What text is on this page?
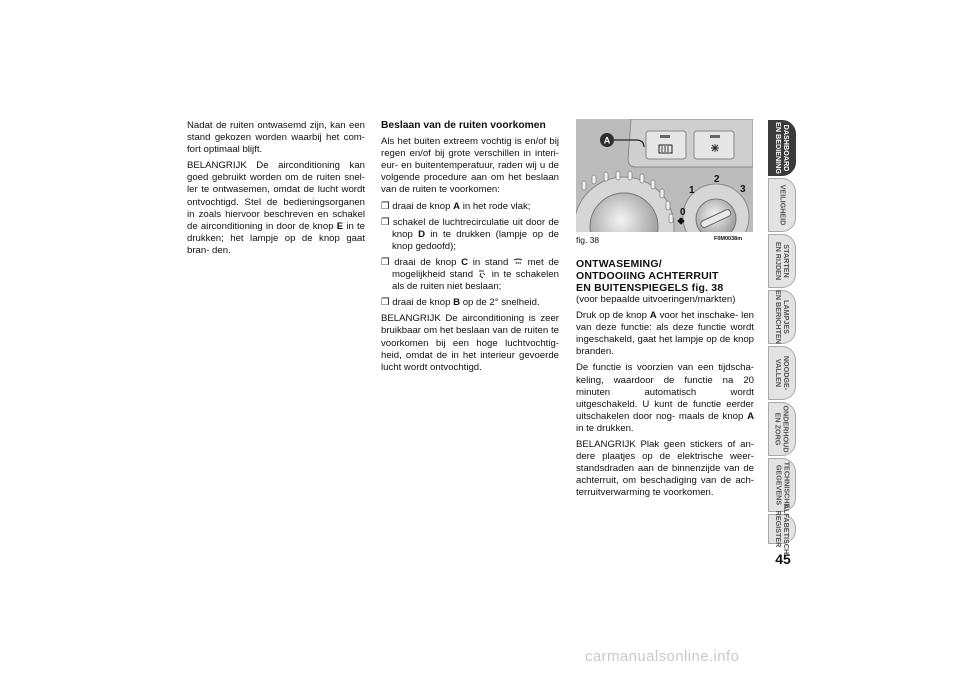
Nadat de ruiten ontwasemd zijn, kan een stand gekozen worden waarbij het com- fort optimaal blijft.

BELANGRIJK De airconditioning kan goed gebruikt worden om de ruiten snel- ler te ontwasemen, omdat de lucht wordt ontvochtigd. Stel de bedieningsorganen in zoals hiervoor beschreven en schakel de airconditioning in door de knop E in te drukken; het lampje op de knop gaat bran- den.

Beslaan van de ruiten voorkomen

Als het buiten extreem vochtig is en/of bij regen en/of bij grote verschillen in interi- eur- en buitentemperatuur, raden wij u de volgende procedure aan om het beslaan van de ruiten te voorkomen:

❒ draai de knop A in het rode vlak;

❒ schakel de luchtrecirculatie uit door de knop D in te drukken (lampje op de knop gedoofd);

❒ draai de knop C in stand  met de mogelijkheid stand  in te schakelen als de ruiten niet beslaan;

❒ draai de knop B op de 2° snelheid.

BELANGRIJK De airconditioning is zeer bruikbaar om het beslaan van de ruiten te voorkomen bij een hoge luchtvochtig- heid, omdat de in het interieur gevoerde lucht wordt ontvochtigd.

A
0
1
2
3
fig. 38	F0M0038m
ONTWASEMING/
ONTDOOIING ACHTERRUIT
EN BUITENSPIEGELS fig. 38

(voor bepaalde uitvoeringen/markten)

Druk op de knop A voor het inschake- len van deze functie: als deze functie wordt ingeschakeld, gaat het lampje op de knop branden.

De functie is voorzien van een tijdscha- keling, waardoor de functie na 20 minuten automatisch wordt uitgeschakeld. U kunt de functie eerder uitschakelen door nog- maals de knop A in te drukken.

BELANGRIJK Plak geen stickers of an- dere plaatjes op de elektrische weer- standsdraden aan de binnenzijde van de achterruit, om beschadiging van de ach- terruitverwarming te voorkomen.

DASHBOARD
EN BEDIENING
VEILIGHEID
STARTEN
EN RIJDEN
LAMPJES
EN BERICHTEN
NOODGE-
VALLEN
ONDERHOUD
EN ZORG
TECHNISCHE
GEGEVENS
ALFABETISCH
REGISTER
45
carmanualsonline.info
